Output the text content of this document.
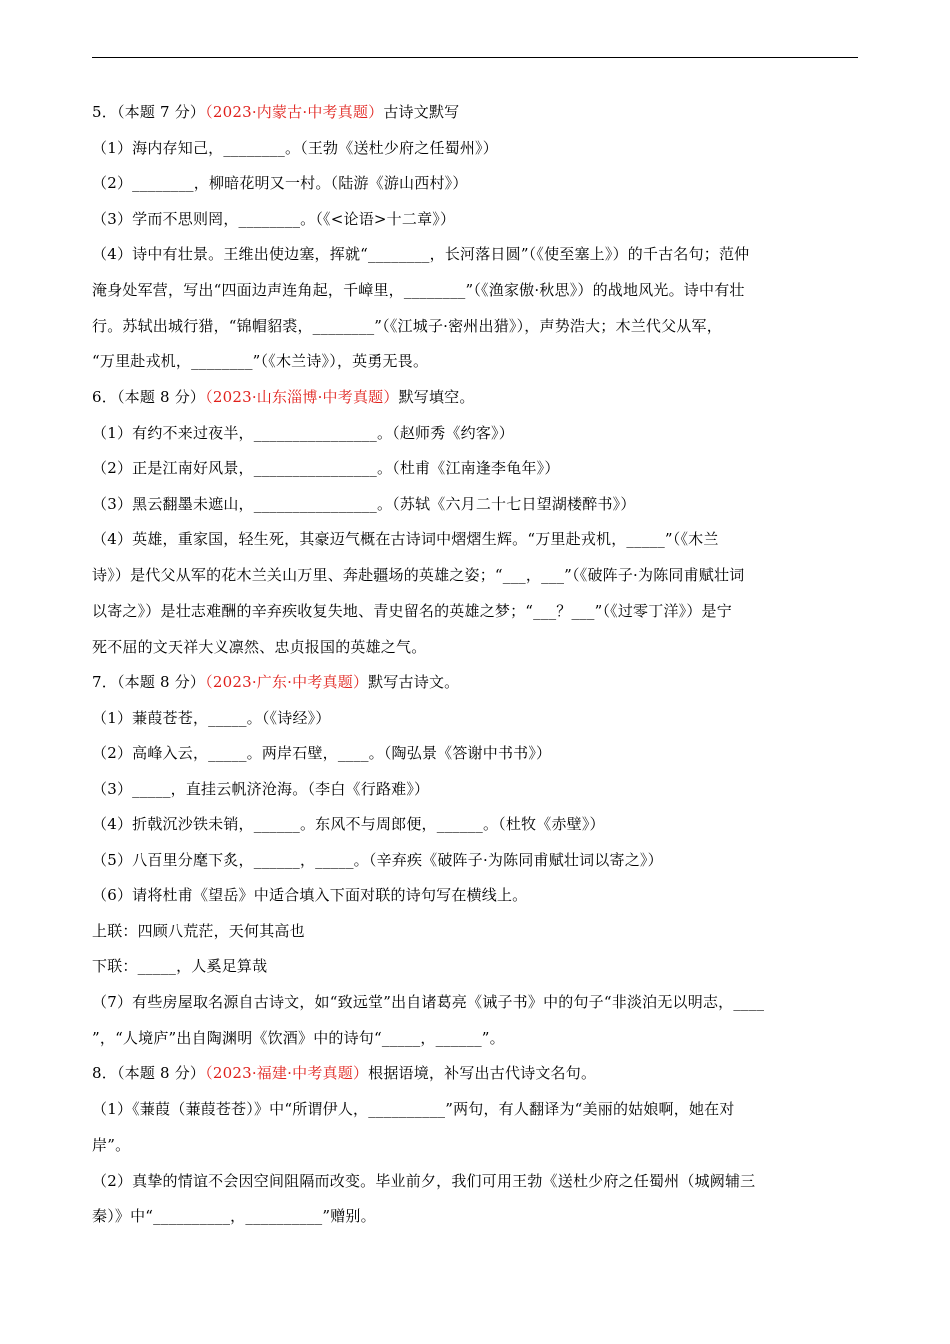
5．（本题 7 分）（2023·内蒙古·中考真题）古诗文默写

（1）海内存知己，________。（王勃《送杜少府之任蜀州》）

（2）________，柳暗花明又一村。（陆游《游山西村》）

（3）学而不思则罔，________。（《<论语>十二章》）

（4）诗中有壮景。王维出使边塞，挥就“________，长河落日圆”（《使至塞上》）的千古名句；范仲

淹身处军营，写出“四面边声连角起，千嶂里，________”（《渔家傲·秋思》）的战地风光。诗中有壮

行。苏轼出城行猎，“锦帽貂裘，________”（《江城子·密州出猎》），声势浩大；木兰代父从军，

“万里赴戎机，________”（《木兰诗》），英勇无畏。

6．（本题 8 分）（2023·山东淄博·中考真题）默写填空。

（1）有约不来过夜半，________________。（赵师秀《约客》）

（2）正是江南好风景，________________。（杜甫《江南逢李龟年》）

（3）黑云翻墨未遮山，________________。（苏轼《六月二十七日望湖楼醉书》）

（4）英雄，重家国，轻生死，其豪迈气概在古诗词中熠熠生辉。“万里赴戎机，_____”（《木兰

诗》）是代父从军的花木兰关山万里、奔赴疆场的英雄之姿；“___，___”（《破阵子·为陈同甫赋壮词

以寄之》）是壮志难酬的辛弃疾收复失地、青史留名的英雄之梦；“___？___”（《过零丁洋》）是宁

死不屈的文天祥大义凛然、忠贞报国的英雄之气。

7．（本题 8 分）（2023·广东·中考真题）默写古诗文。

（1）蒹葭苍苍，_____。（《诗经》）

（2）高峰入云，_____。两岸石壁，____。（陶弘景《答谢中书书》）

（3）_____，直挂云帆济沧海。（李白《行路难》）

（4）折戟沉沙铁未销，______。东风不与周郎便，______。（杜牧《赤壁》）

（5）八百里分麾下炙，______，_____。（辛弃疾《破阵子·为陈同甫赋壮词以寄之》）

（6）请将杜甫《望岳》中适合填入下面对联的诗句写在横线上。

上联：四顾八荒茫，天何其高也

下联：_____，人奚足算哉

（7）有些房屋取名源自古诗文，如“致远堂”出自诸葛亮《诫子书》中的句子“非淡泊无以明志，____

”，“人境庐”出自陶渊明《饮酒》中的诗句“_____，______”。

8．（本题 8 分）（2023·福建·中考真题）根据语境，补写出古代诗文名句。

（1）《蒹葭（蒹葭苍苍）》中“所谓伊人，__________”两句，有人翻译为“美丽的姑娘啊，她在对

岸”。

（2）真挚的情谊不会因空间阻隔而改变。毕业前夕，我们可用王勃《送杜少府之任蜀州（城阙辅三

秦）》中“__________，__________”赠别。
